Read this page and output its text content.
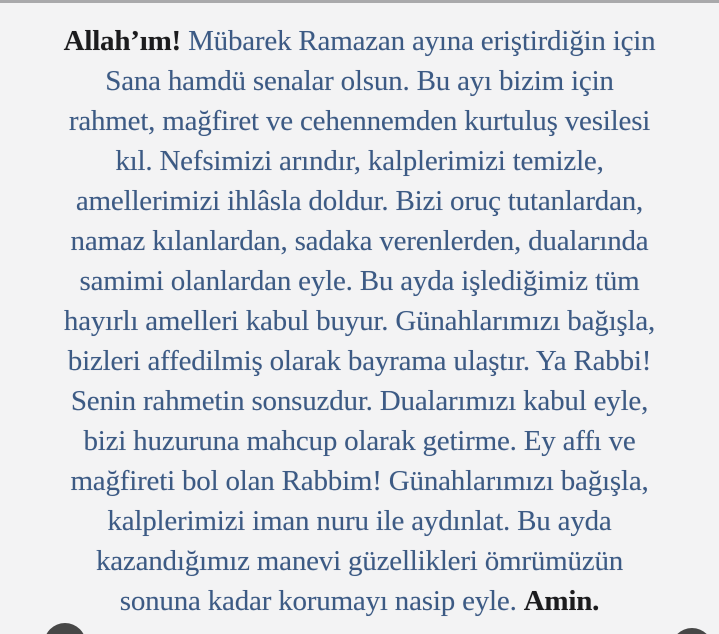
Allah’ım! Mübarek Ramazan ayına eriştirdiğin için
Sana hamdü senalar olsun. Bu ayı bizim için
rahmet, mağfiret ve cehennemden kurtuluş vesilesi
kıl. Nefsimizi arındır, kalplerimizi temizle,
amellerimizi ihlâsla doldur. Bizi oruç tutanlardan,
namaz kılanlardan, sadaka verenlerden, dualarında
samimi olanlardan eyle. Bu ayda işlediğimiz tüm
hayırlı amelleri kabul buyur. Günahlarımızı bağışla,
bizleri affedilmiş olarak bayrama ulaştır. Ya Rabbi!
Senin rahmetin sonsuzdur. Dualarımızı kabul eyle,
bizi huzuruna mahcup olarak getirme. Ey affı ve
mağfireti bol olan Rabbim! Günahlarımızı bağışla,
kalplerimizi iman nuru ile aydınlat. Bu ayda
kazandığımız manevi güzellikleri ömrümüzün
sonuna kadar korumayı nasip eyle. Amin.
